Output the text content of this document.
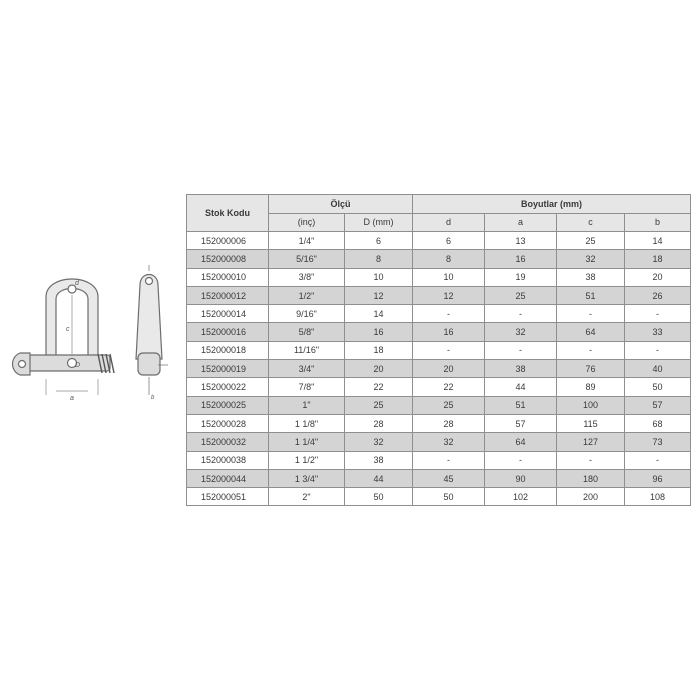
d
c
D
a	b
Stok Kodu	Ölçü		Boyutlar (mm)			
	(inç)	D (mm)	d	a	c	b
152000006	1/4"	6	6	13	25	14
152000008	5/16"	8	8	16	32	18
152000010	3/8"	10	10	19	38	20
152000012	1/2"	12	12	25	51	26
152000014	9/16"	14	-	-	-	-
152000016	5/8"	16	16	32	64	33
152000018	11/16"	18	-	-	-	-
152000019	3/4"	20	20	38	76	40
152000022	7/8"	22	22	44	89	50
152000025	1"	25	25	51	100	57
152000028	1 1/8"	28	28	57	115	68
152000032	1 1/4"	32	32	64	127	73
152000038	1 1/2"	38	-	-	-	-
152000044	1 3/4"	44	45	90	180	96
152000051	2"	50	50	102	200	108
